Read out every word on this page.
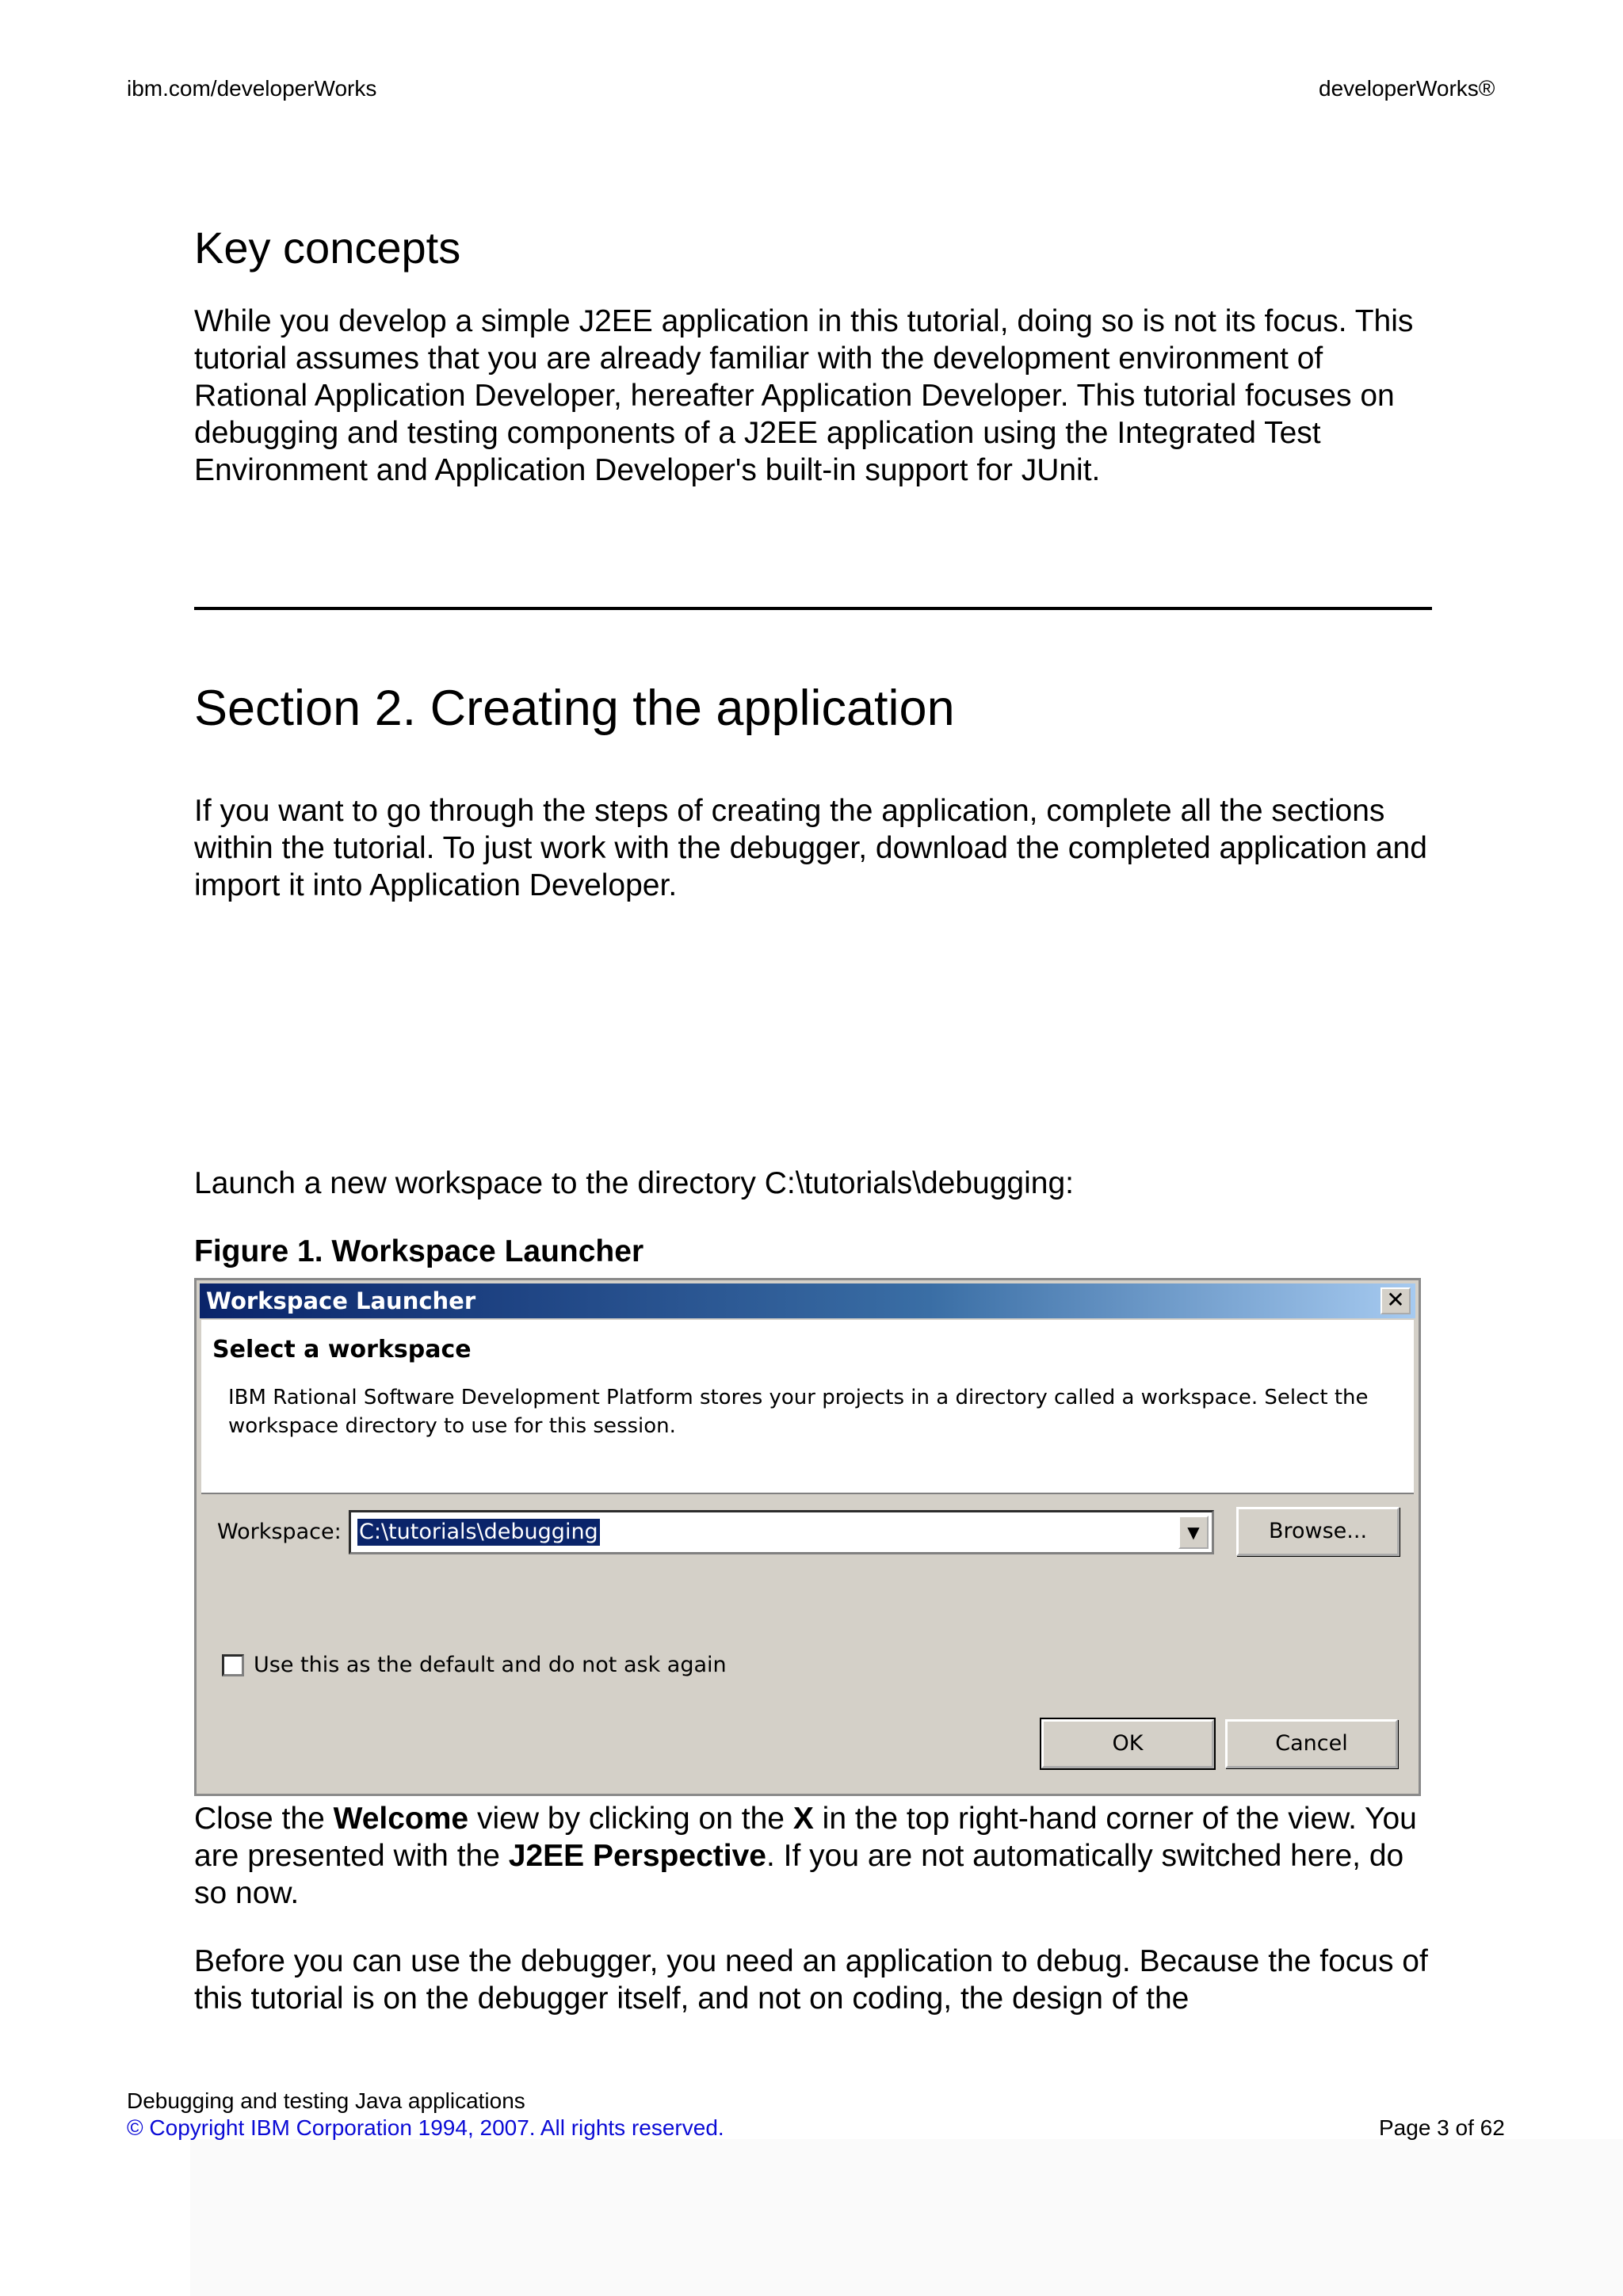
ibm.com/developerWorks	developerWorks®
Key concepts
While you develop a simple J2EE application in this tutorial, doing so is not its focus. This tutorial assumes that you are already familiar with the development environment of Rational Application Developer, hereafter Application Developer. This tutorial focuses on debugging and testing components of a J2EE application using the Integrated Test Environment and Application Developer's built-in support for JUnit.
Section 2. Creating the application
If you want to go through the steps of creating the application, complete all the sections within the tutorial. To just work with the debugger, download the completed application and import it into Application Developer.
Launch a new workspace to the directory C:\tutorials\debugging:
Figure 1. Workspace Launcher
Workspace Launcher	✕
Select a workspace
IBM Rational Software Development Platform stores your projects in a directory called a workspace. Select the workspace directory to use for this session.
Workspace: C:\tutorials\debugging	▼	Browse...
Use this as the default and do not ask again
OK	Cancel
Close the Welcome view by clicking on the X in the top right-hand corner of the view. You are presented with the J2EE Perspective. If you are not automatically switched here, do so now.
Before you can use the debugger, you need an application to debug. Because the focus of this tutorial is on the debugger itself, and not on coding, the design of the
Debugging and testing Java applications
© Copyright IBM Corporation 1994, 2007. All rights reserved.	Page 3 of 62
